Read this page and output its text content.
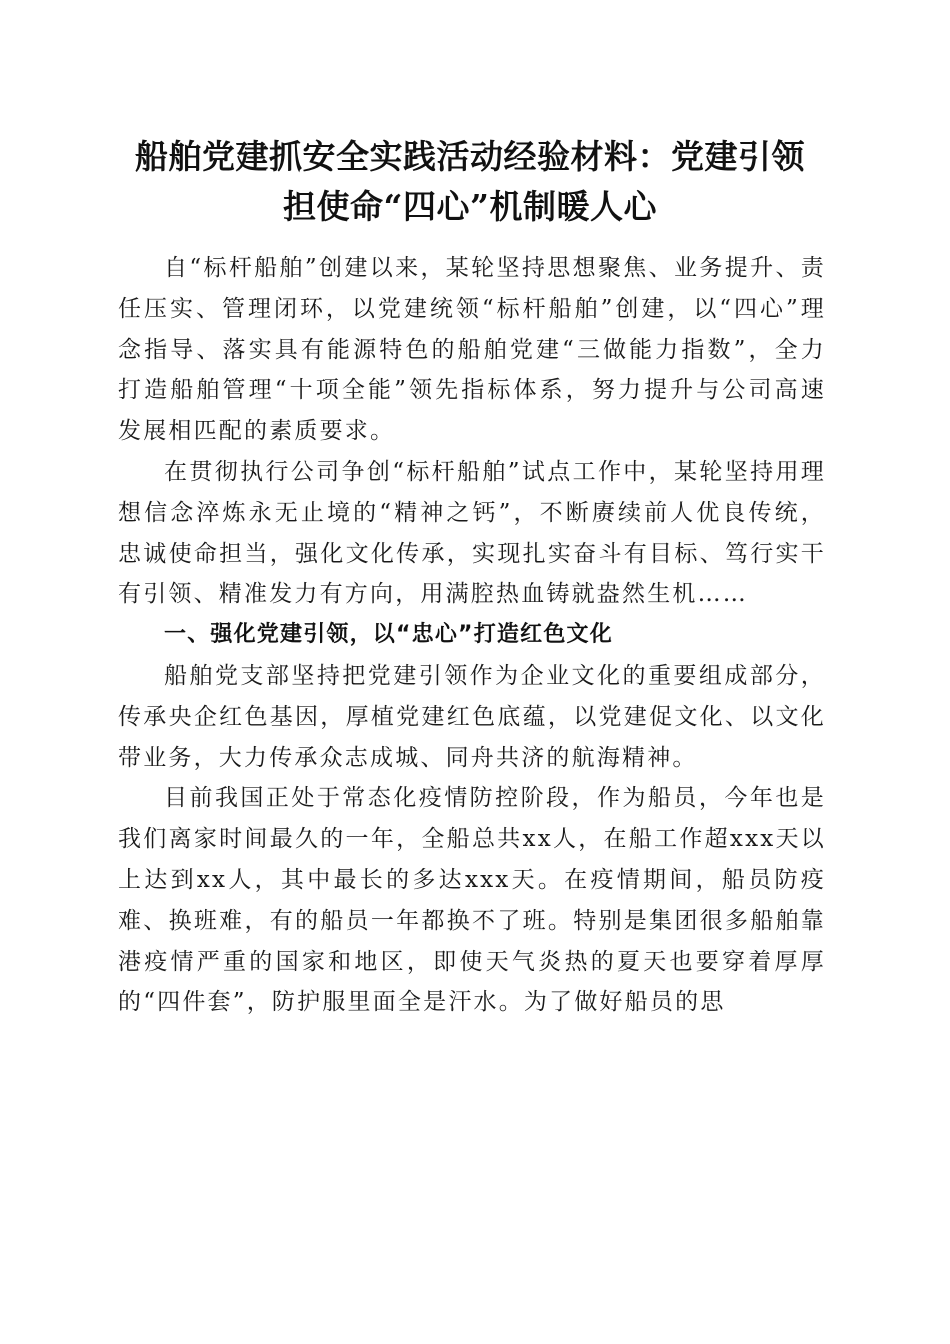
船舶党建抓安全实践活动经验材料：党建引领
担使命“四心”机制暖人心

自“标杆船舶”创建以来，某轮坚持思想聚焦、业务提升、责任压实、管理闭环，以党建统领“标杆船舶”创建，以“四心”理念指导、落实具有能源特色的船舶党建“三做能力指数”，全力打造船舶管理“十项全能”领先指标体系，努力提升与公司高速发展相匹配的素质要求。

在贯彻执行公司争创“标杆船舶”试点工作中，某轮坚持用理想信念淬炼永无止境的“精神之钙”，不断赓续前人优良传统，忠诚使命担当，强化文化传承，实现扎实奋斗有目标、笃行实干有引领、精准发力有方向，用满腔热血铸就盎然生机……

一、强化党建引领，以“忠心”打造红色文化

船舶党支部坚持把党建引领作为企业文化的重要组成部分，传承央企红色基因，厚植党建红色底蕴，以党建促文化、以文化带业务，大力传承众志成城、同舟共济的航海精神。

目前我国正处于常态化疫情防控阶段，作为船员，今年也是我们离家时间最久的一年，全船总共xx人，在船工作超xxx天以上达到xx人，其中最长的多达xxx天。在疫情期间，船员防疫难、换班难，有的船员一年都换不了班。特别是集团很多船舶靠港疫情严重的国家和地区，即使天气炎热的夏天也要穿着厚厚的“四件套”，防护服里面全是汗水。为了做好船员的思
